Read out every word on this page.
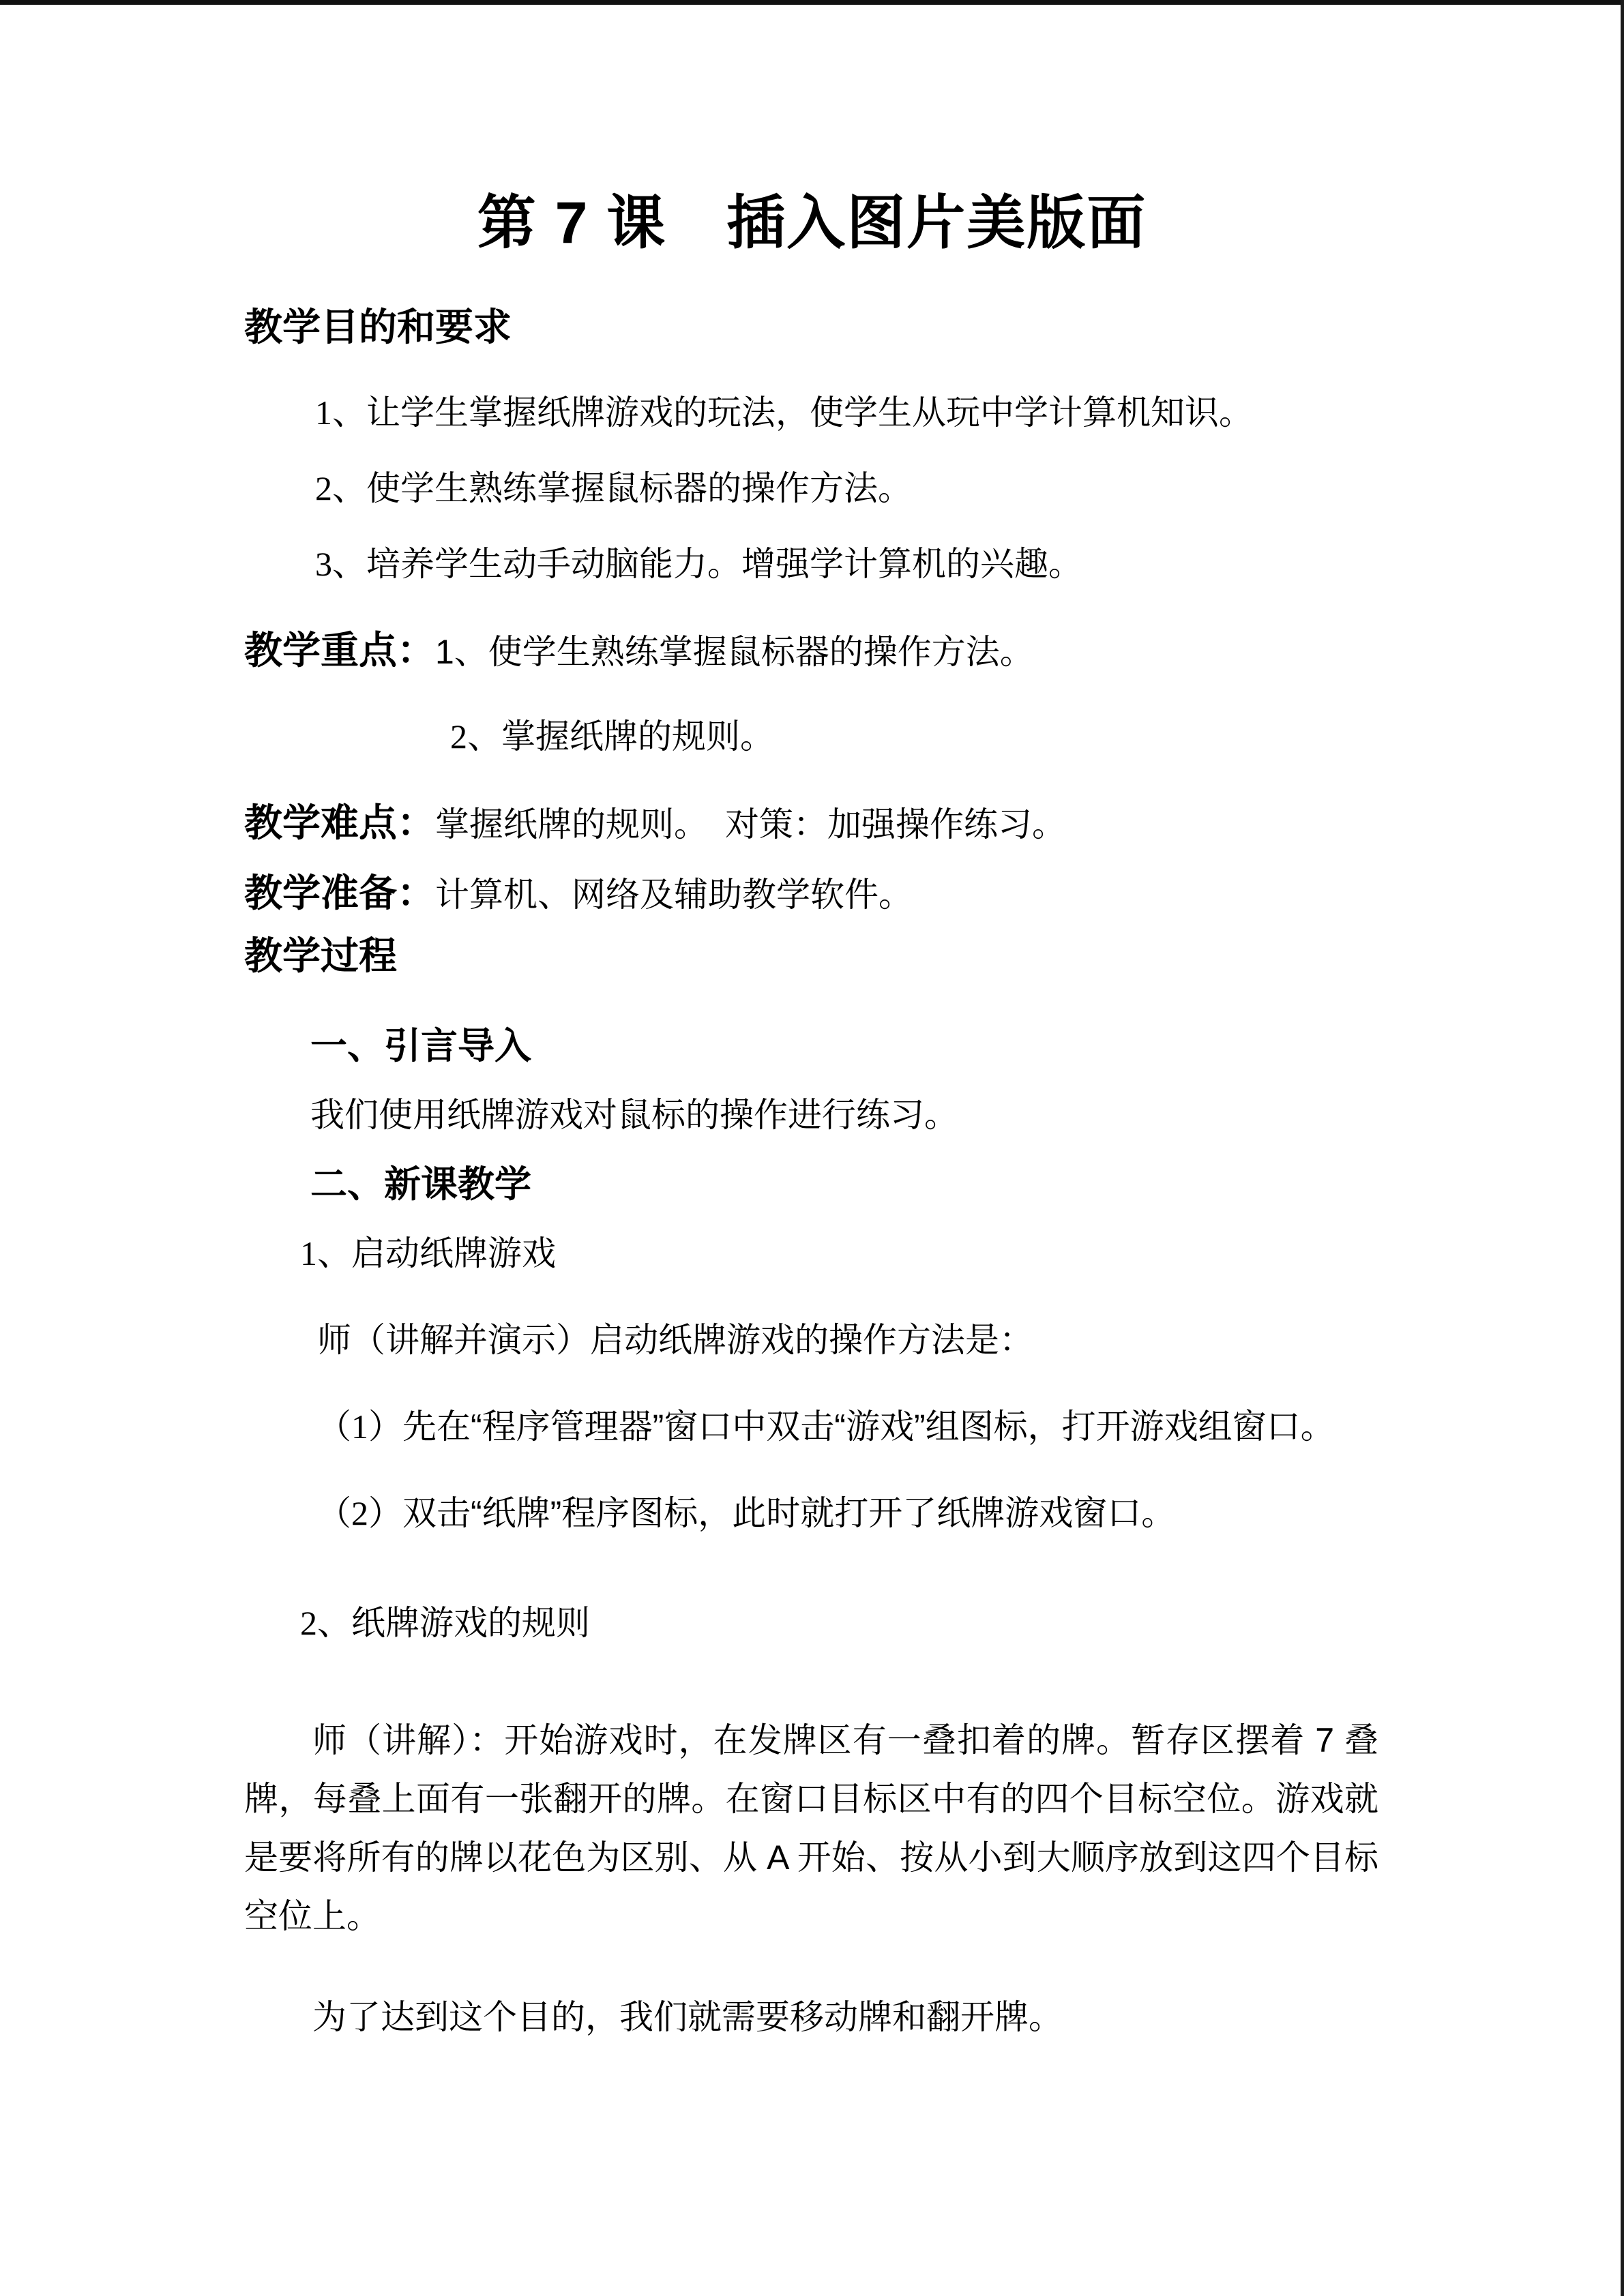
第 7 课　插入图片美版面
教学目的和要求

1、让学生掌握纸牌游戏的玩法，使学生从玩中学计算机知识。

2、使学生熟练掌握鼠标器的操作方法。

3、培养学生动手动脑能力。增强学计算机的兴趣。

教学重点：1、使学生熟练掌握鼠标器的操作方法。

2、掌握纸牌的规则。

教学难点：掌握纸牌的规则。　对策：加强操作练习。

教学准备：计算机、网络及辅助教学软件。

教学过程
一、引言导入

我们使用纸牌游戏对鼠标的操作进行练习。

二、新课教学

1、启动纸牌游戏

师（讲解并演示）启动纸牌游戏的操作方法是：

（1）先在“程序管理器”窗口中双击“游戏”组图标，打开游戏组窗口。

（2）双击“纸牌”程序图标，此时就打开了纸牌游戏窗口。

2、纸牌游戏的规则

师（讲解）：开始游戏时，在发牌区有一叠扣着的牌。暂存区摆着 7 叠牌，每叠上面有一张翻开的牌。在窗口目标区中有的四个目标空位。游戏就是要将所有的牌以花色为区别、从 A 开始、按从小到大顺序放到这四个目标空位上。

为了达到这个目的，我们就需要移动牌和翻开牌。
